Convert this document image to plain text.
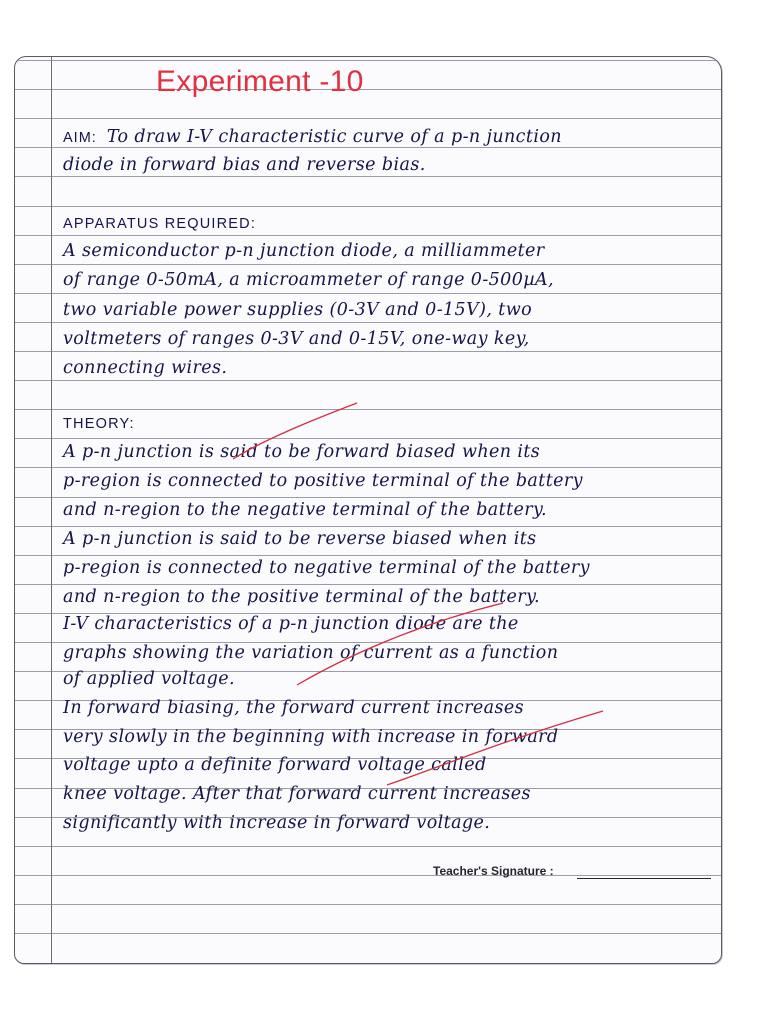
Experiment -10

AIM: To draw I-V characteristic curve of a p-n junction

diode in forward bias and reverse bias.

APPARATUS REQUIRED:

A semiconductor p-n junction diode, a milliammeter

of range 0-50mA, a microammeter of range 0-500µA,

two variable power supplies (0-3V and 0-15V), two

voltmeters of ranges 0-3V and 0-15V, one-way key,

connecting wires.

THEORY:

A p-n junction is said to be forward biased when its

p-region is connected to positive terminal of the battery

and n-region to the negative terminal of the battery.

A p-n junction is said to be reverse biased when its

p-region is connected to negative terminal of the battery

and n-region to the positive terminal of the battery.

I-V characteristics of a p-n junction diode are the

graphs showing the variation of current as a function

of applied voltage.

In forward biasing, the forward current increases

very slowly in the beginning with increase in forward

voltage upto a definite forward voltage called

knee voltage. After that forward current increases

significantly with increase in forward voltage.

Teacher's Signature :
